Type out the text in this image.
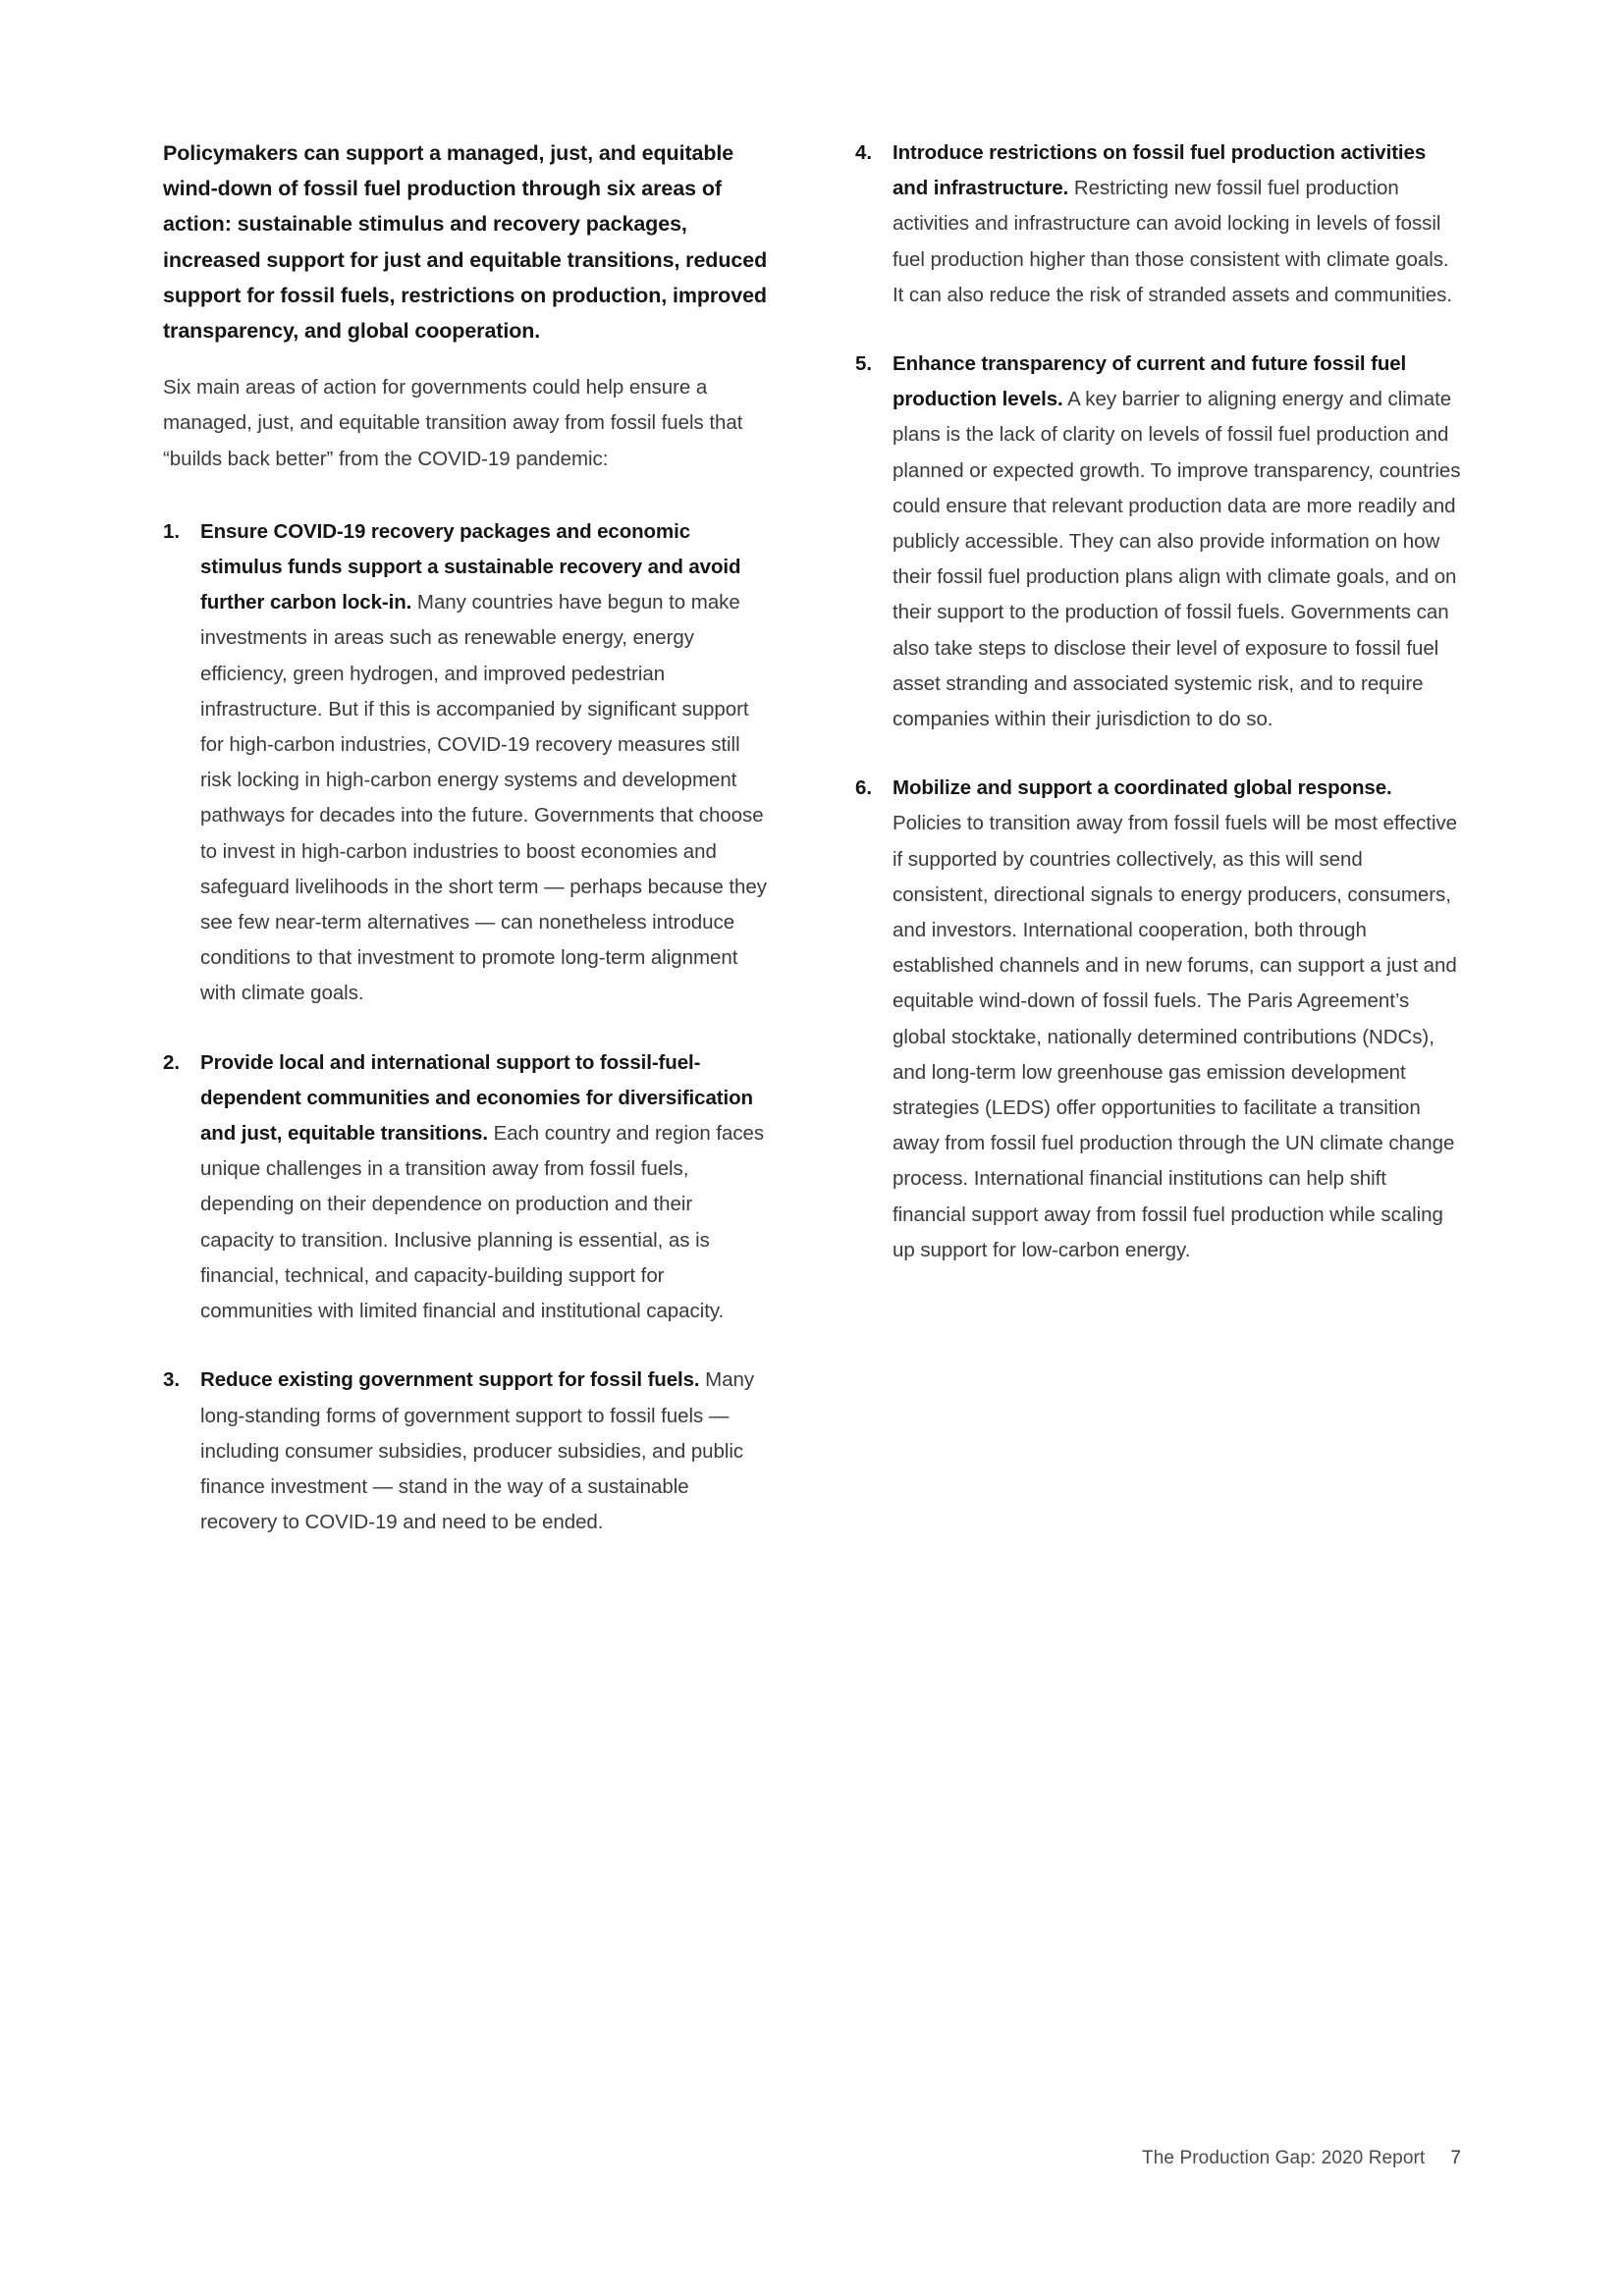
Policymakers can support a managed, just, and equitable wind-down of fossil fuel production through six areas of action: sustainable stimulus and recovery packages, increased support for just and equitable transitions, reduced support for fossil fuels, restrictions on production, improved transparency, and global cooperation.

Six main areas of action for governments could help ensure a managed, just, and equitable transition away from fossil fuels that “builds back better” from the COVID-19 pandemic:

1.	Ensure COVID-19 recovery packages and economic stimulus funds support a sustainable recovery and avoid further carbon lock-in. Many countries have begun to make investments in areas such as renewable energy, energy efficiency, green hydrogen, and improved pedestrian infrastructure. But if this is accompanied by significant support for high-carbon industries, COVID-19 recovery measures still risk locking in high-carbon energy systems and development pathways for decades into the future. Governments that choose to invest in high-carbon industries to boost economies and safeguard livelihoods in the short term — perhaps because they see few near-term alternatives — can nonetheless introduce conditions to that investment to promote long-term alignment with climate goals.
2.	Provide local and international support to fossil-fuel-dependent communities and economies for diversification and just, equitable transitions. Each country and region faces unique challenges in a transition away from fossil fuels, depending on their dependence on production and their capacity to transition. Inclusive planning is essential, as is financial, technical, and capacity-building support for communities with limited financial and institutional capacity.
3.	Reduce existing government support for fossil fuels. Many long-standing forms of government support to fossil fuels — including consumer subsidies, producer subsidies, and public finance investment — stand in the way of a sustainable recovery to COVID-19 and need to be ended.
4.	Introduce restrictions on fossil fuel production activities and infrastructure. Restricting new fossil fuel production activities and infrastructure can avoid locking in levels of fossil fuel production higher than those consistent with climate goals. It can also reduce the risk of stranded assets and communities.
5.	Enhance transparency of current and future fossil fuel production levels. A key barrier to aligning energy and climate plans is the lack of clarity on levels of fossil fuel production and planned or expected growth. To improve transparency, countries could ensure that relevant production data are more readily and publicly accessible. They can also provide information on how their fossil fuel production plans align with climate goals, and on their support to the production of fossil fuels. Governments can also take steps to disclose their level of exposure to fossil fuel asset stranding and associated systemic risk, and to require companies within their jurisdiction to do so.
6.	Mobilize and support a coordinated global response. Policies to transition away from fossil fuels will be most effective if supported by countries collectively, as this will send consistent, directional signals to energy producers, consumers, and investors. International cooperation, both through established channels and in new forums, can support a just and equitable wind-down of fossil fuels. The Paris Agreement’s global stocktake, nationally determined contributions (NDCs), and long-term low greenhouse gas emission development strategies (LEDS) offer opportunities to facilitate a transition away from fossil fuel production through the UN climate change process. International financial institutions can help shift financial support away from fossil fuel production while scaling up support for low-carbon energy.
The Production Gap: 2020 Report 7
